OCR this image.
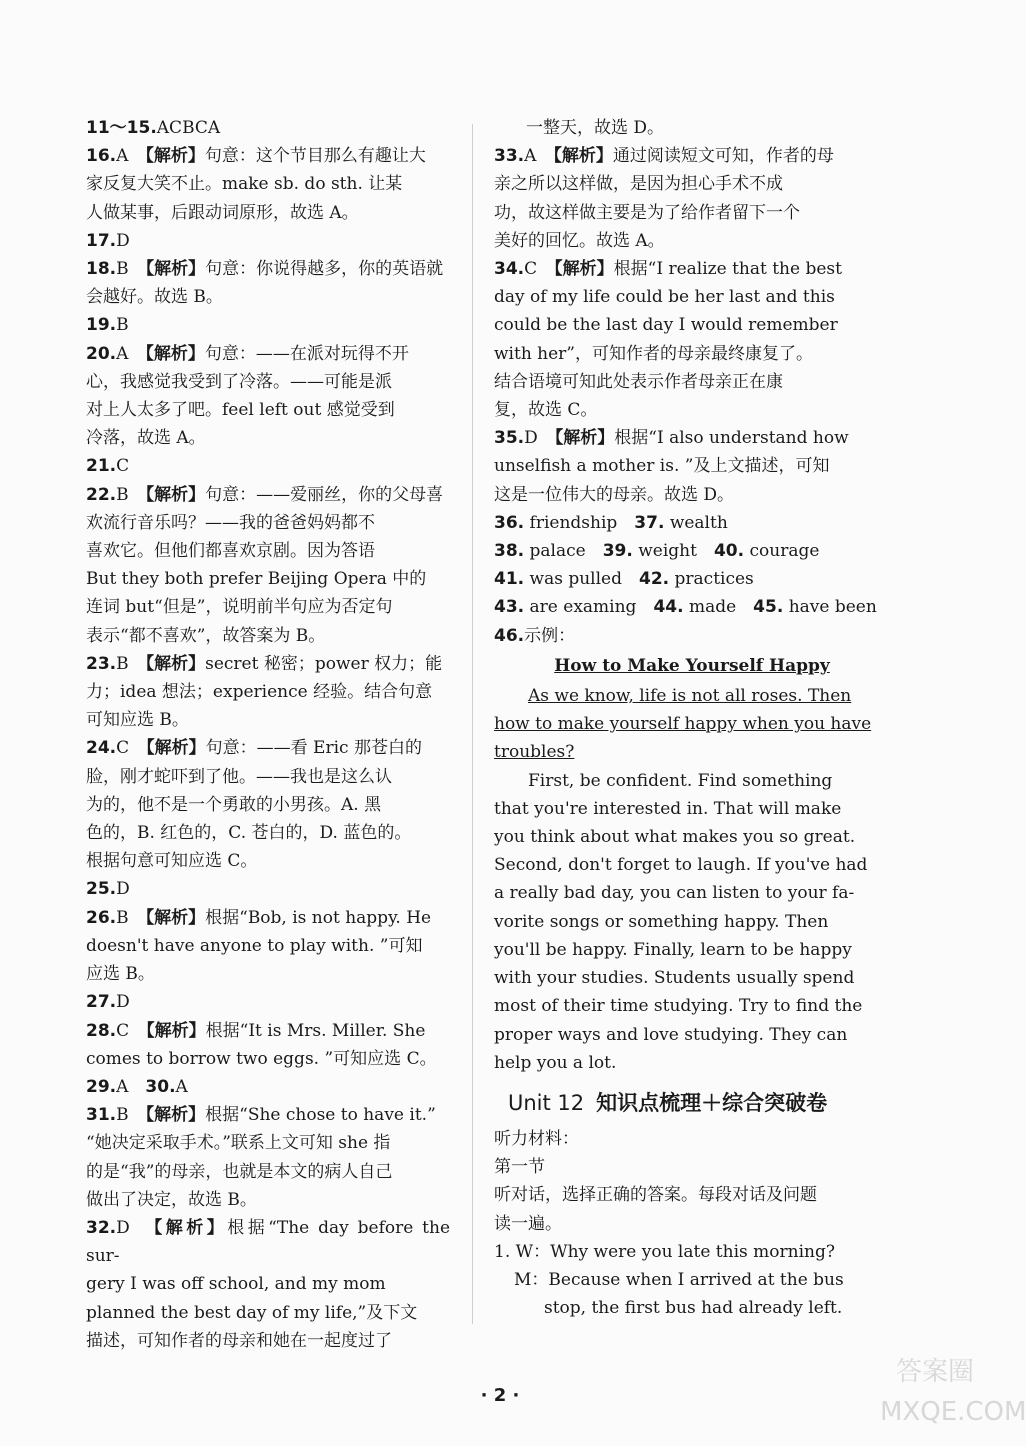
11～15.ACBCA
16.A　 【解析】句意：这个节目那么有趣让大
家反复大笑不止。make sb. do sth. 让某
人做某事，后跟动词原形，故选 A。
17.D
18.B　 【解析】句意：你说得越多，你的英语就
会越好。故选 B。
19.B
20.A　 【解析】句意：——在派对玩得不开
心，我感觉我受到了冷落。——可能是派
对上人太多了吧。feel left out 感觉受到
冷落，故选 A。
21.C
22.B　 【解析】句意：——爱丽丝，你的父母喜
欢流行音乐吗？——我的爸爸妈妈都不
喜欢它。但他们都喜欢京剧。因为答语
But they both prefer Beijing Opera 中的
连词 but“但是”，说明前半句应为否定句
表示“都不喜欢”，故答案为 B。
23.B　 【解析】secret 秘密；power 权力；能
力；idea 想法；experience 经验。结合句意
可知应选 B。
24.C　 【解析】句意：——看 Eric 那苍白的
脸，刚才蛇吓到了他。——我也是这么认
为的，他不是一个勇敢的小男孩。A. 黑
色的，B. 红色的，C. 苍白的，D. 蓝色的。
根据句意可知应选 C。
25.D
26.B　 【解析】根据“Bob, is not happy. He
doesn't have anyone to play with. ”可知
应选 B。
27.D
28.C　 【解析】根据“It is Mrs. Miller. She
comes to borrow two eggs. ”可知应选 C。
29.A　 30.A
31.B　 【解析】根据“She chose to have it.”
“她决定采取手术。”联系上文可知 she 指
的是“我”的母亲，也就是本文的病人自己
做出了决定，故选 B。
32.D　 【解析】根据“The day before the sur-
gery I was off school, and my mom
planned the best day of my life,”及下文
描述，可知作者的母亲和她在一起度过了
一整天，故选 D。
33.A　 【解析】通过阅读短文可知，作者的母
亲之所以这样做，是因为担心手术不成
功，故这样做主要是为了给作者留下一个
美好的回忆。故选 A。
34.C　 【解析】根据“I realize that the best
day of my life could be her last and this
could be the last day I would remember
with her”，可知作者的母亲最终康复了。
结合语境可知此处表示作者母亲正在康
复，故选 C。
35.D　 【解析】根据“I also understand how
unselfish a mother is. ”及上文描述，可知
这是一位伟大的母亲。故选 D。
36. friendship　 37. wealth
38. palace　 39. weight　 40. courage
41. was pulled　 42. practices
43. are examing　 44. made　 45. have been
46.示例：
How to Make Yourself Happy
As we know, life is not all roses. Then
how to make yourself happy when you have
troubles?
First, be confident. Find something
that you're interested in. That will make
you think about what makes you so great.
Second, don't forget to laugh. If you've had
a really bad day, you can listen to your fa-
vorite songs or something happy. Then
you'll be happy. Finally, learn to be happy
with your studies. Students usually spend
most of their time studying. Try to find the
proper ways and love studying. They can
help you a lot.
Unit 12 知识点梳理＋综合突破卷
听力材料：
第一节
听对话，选择正确的答案。每段对话及问题
读一遍。
1. W：Why were you late this morning?
M：Because when I arrived at the bus
stop, the first bus had already left.
· 2 ·
答案圈 MXQE.COM
